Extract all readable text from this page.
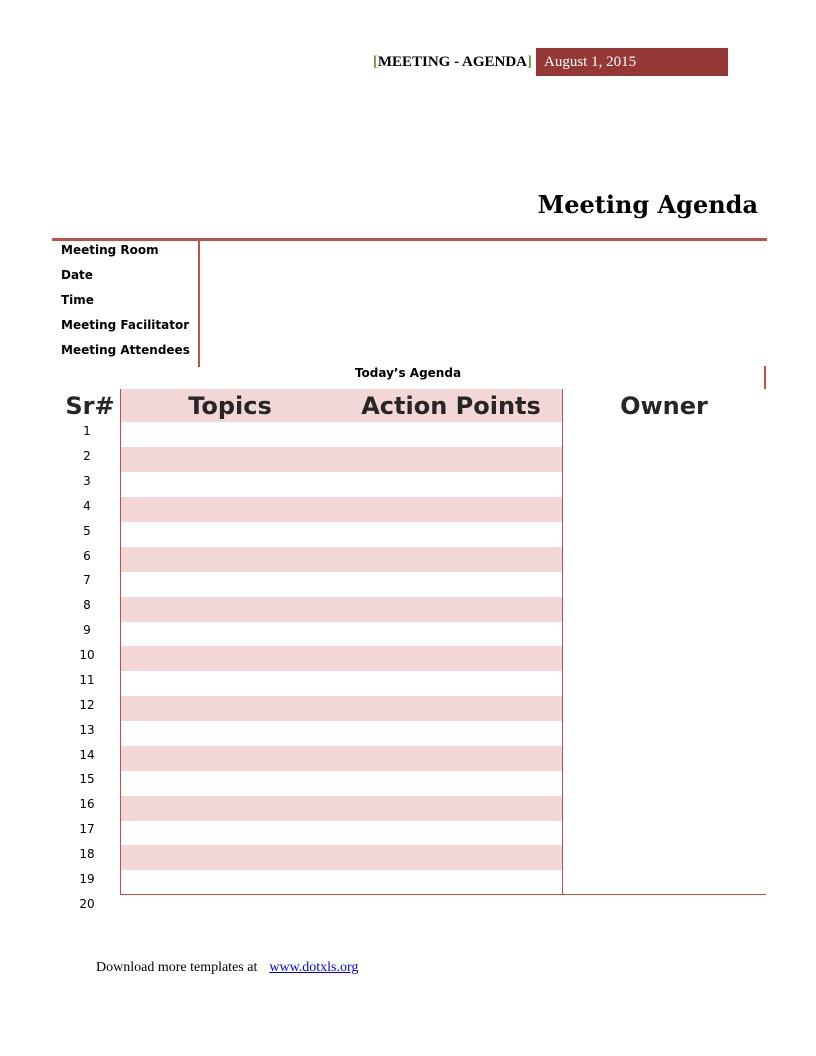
[MEETING - AGENDA] August 1, 2015
Meeting Agenda
Meeting Room
Date
Time
Meeting Facilitator
Meeting Attendees
Today’s Agenda
Sr#	Topics	Action Points	Owner
1
2
3
4
5
6
7
8
9
10
11
12
13
14
15
16
17
18
19
20
Download more templates at www.dotxls.org
